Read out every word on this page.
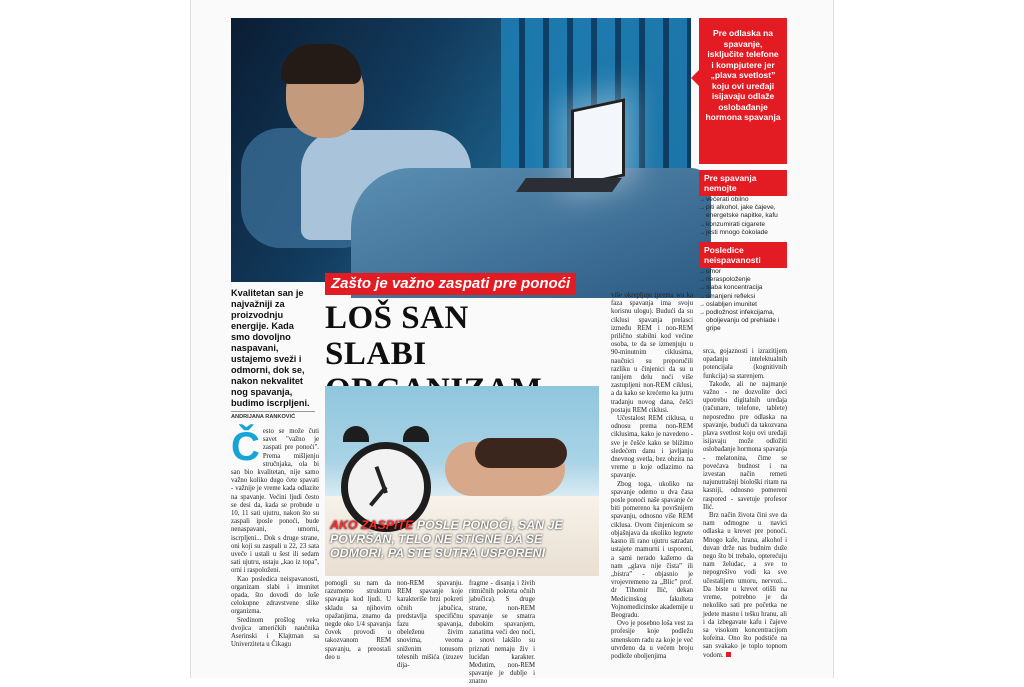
Pre odlaska na spavanje, isključite telefone i kompjutere jer „plava svetlost” koju ovi uređaji isijavaju odlaže oslobađanje hormona spavanja
Pre spavanja nemojte
→ večerati obilno
→ piti alkohol, jake čajeve, energetske napitke, kafu
→ konzumirati cigarete
→ jesti mnogo čokolade
Posledice neispavanosti
→ umor
→ neraspoloženje
→ slaba koncentracija
→ smanjeni refleksi
→ oslabljen imunitet
→ podložnost infekcijama, oboljevanju od prehlade i gripe
Kvalitetan san je najvažniji za proizvodnju energije. Kada smo dovoljno naspavani, ustajemo sveži i odmorni, dok se, nakon nekvalitet nog spavanja, budimo iscrpljeni.
ANDRIJANA RANKOVIĆ
Zašto je važno zaspati pre ponoći
LOŠ SAN SLABI
AKO ZASPITE POSLE PONOĆI, SAN JE POVRŠAN, TELO NE STIGNE DA SE ODMORI, PA STE SUTRA USPORENI
Č esto se može čuti savet "važno je zaspati pre ponoći". Prema mišljenju stručnjaka, ola bi san bio kvalitetan, nije samo važno koliko dugo ćete spavati - važnije je vreme kada odlazite na spavanje. Većini ljudi često se desi da, kada se probude u 10, 11 sati ujutru, nakon što su zaspali iposle ponoći, bude nenaspavani, umorni, iscrpljeni... Dok s druge strane, oni koji su zaspali u 22, 23 sata uveče i ustali u šest ili sedam sati ujutru, ustaju „kao iz topa”, orni i raspoloženi.

Kao posledica neispavanosti, organizam slabi i imunitet opada, što dovodi do loše celokupne zdravstvene slike organizma.

Sredinom prošlog veka dvojica američkih naučnika Aserinski i Klajtman sa Univerziteta u Čikagu

pomogli su nam da razumemo strukturu spavanja kod ljudi. U skladu sa njihovim opažanjima, znamo da negde oko 1/4 spavanja čovek provodi u takozvanom REM spavanju, a preostali deo u

non-REM spavanju. REM spavanje koje karakteriše brzi pokreti očnih jabučica, predstavlja specifičnu fazu spavanja, obeleženu živim snovima, veoma sniženim tonusom telesnih mišića (izuzev dija-

fragme - disanja i živih ritmičnih pokreta očnih jabučica). S druge strane, non-REM spavanje se smatra dubokim spavanjem, zanatima veći deo noći, a snovi lakšilo su priznati nemaju živ i lucidan karakter. Međutim, non-REM spavanje je dublje i znatno

više okrepljuje (prema wa ka faza spavanja ima svoju korisnu ulogu). Budući da su ciklusi spavanja prelasci između REM i non-REM prilično stabilni kod većine osoba, te da se izmenjuju u 90-minutnim ciklusima, naučnici su preporučili razliku u činjenici da su u ranijem delu noći više zastupljeni non-REM ciklusi, a da kako se krećemo ka jutru tradanju novog dana, češći postaju REM ciklusi.

Učestalost REM ciklusa, u odnosu prema non-REM ciklusima, kako je navedeno - sve je češće kako se bližimo sledećem danu i javljanju dnevnog svetla, bez obzira na vreme u koje odlazimo na spavanje.

Zbog toga, ukoliko na spavanje odemo u dva časa posle ponoći naše spavanje će biti pomereno ka površnijem spavanju, odnosno više REM ciklusa. Ovom činjenicom se objašnjava da ukoliko legnete kasno ili rano ujutru satradan ustajete mamurni i usporeni, a sami nerado kažemo da nam „glava nije čista” ili „bistra” - objasnio je vrojevremeno za „Blic” prof. dr Tihomir Ilić, dekan Medicinskog fakulteta Vojnomedicinske akademije u Beogradu.

Ovo je posebno loša vest za profesije koje podležu smenskom radu za koje je već utvrđeno da u većem broju podleže oboljenjima

srca, gojaznosti i izrazitijem opadanju intelektualnih potencijala (kognitivnih funkcija) sa starenjem.

Takođe, ali ne najmanje važno - ne dozvolite deci upotrebu digitalnih uređaja (računare, telefone, tablete) neposredno pre odlaska na spavanje, budući da takozvana plava svetlost koju ovi uređaji isijavaju može odložiti oslobađanje hormona spavanja - melatonina, čime se povećava budnost i na izvestan način remeti najunutrašnji biološki ritam na kasniji, odnosno pomereni raspored - savetuje profesor Ilić.

Brz način života čini sve da nam odmogne u navici odlaska u krevet pre ponoći. Mnogo kafe, hrana, alkohol i duvan drže nas budnim duže nego što bi trebalo, opterećuju nam želudac, a sve to nepogrešivo vodi ka sve učestalijem umoru, nervozi... Da biste u krevet otišli na vreme, potrebno je da nekoliko sati pre početka ne jedete masnu i tešku hranu, ali i da izbegavate kafu i čajeve sa visokom koncentracijom kofeina. Ono što podstiče na san svakako je toplo topnom vodom.
